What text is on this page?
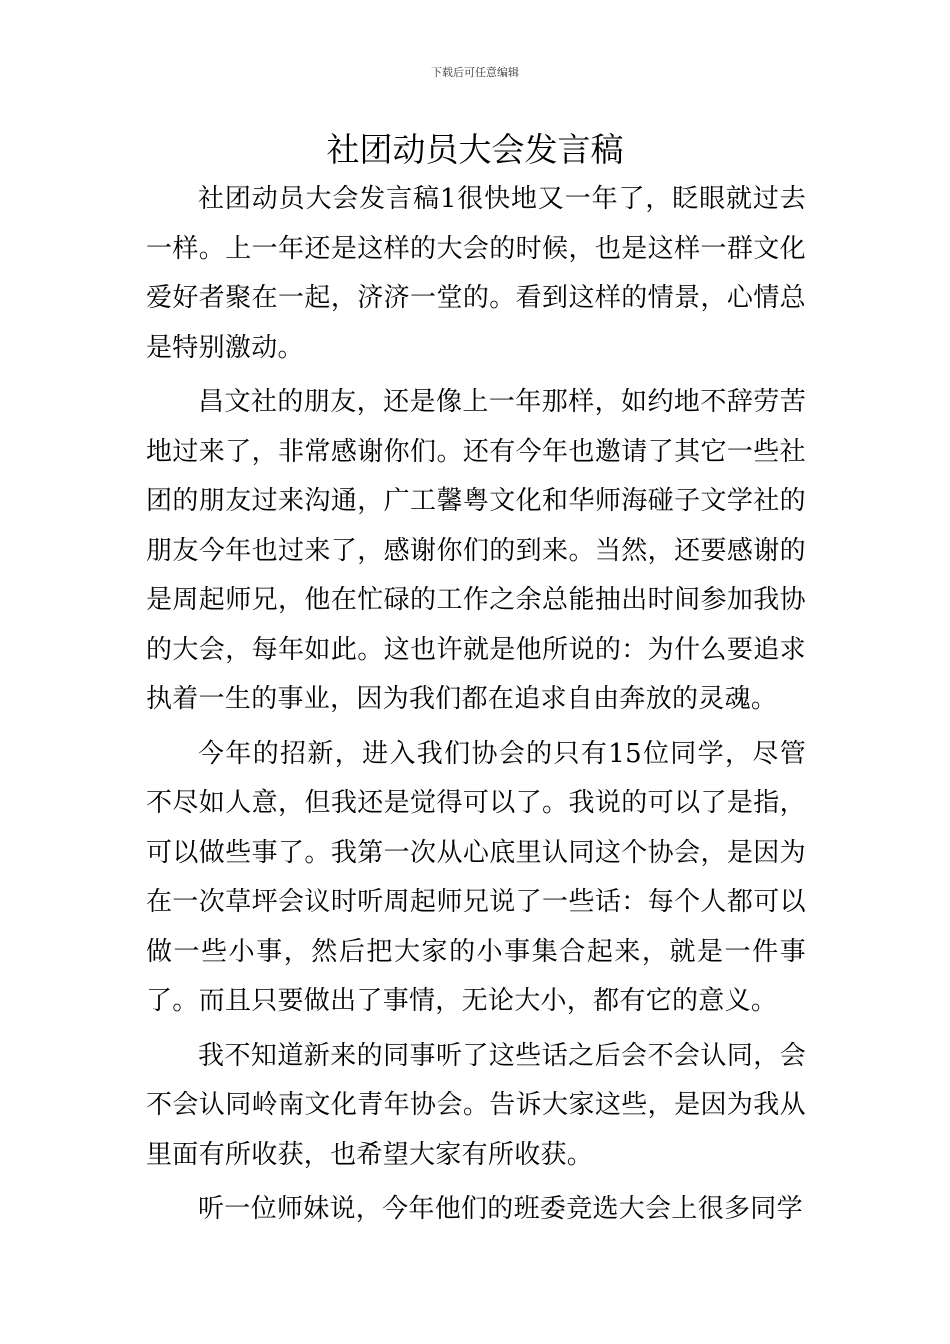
下载后可任意编辑
社团动员大会发言稿

社团动员大会发言稿1很快地又一年了，眨眼就过去一样。上一年还是这样的大会的时候，也是这样一群文化爱好者聚在一起，济济一堂的。看到这样的情景，心情总是特别激动。

昌文社的朋友，还是像上一年那样，如约地不辞劳苦地过来了，非常感谢你们。还有今年也邀请了其它一些社团的朋友过来沟通，广工馨粤文化和华师海碰子文学社的朋友今年也过来了，感谢你们的到来。当然，还要感谢的是周起师兄，他在忙碌的工作之余总能抽出时间参加我协的大会，每年如此。这也许就是他所说的：为什么要追求执着一生的事业，因为我们都在追求自由奔放的灵魂。

今年的招新，进入我们协会的只有15位同学，尽管不尽如人意，但我还是觉得可以了。我说的可以了是指，可以做些事了。我第一次从心底里认同这个协会，是因为在一次草坪会议时听周起师兄说了一些话：每个人都可以做一些小事，然后把大家的小事集合起来，就是一件事了。而且只要做出了事情，无论大小，都有它的意义。

我不知道新来的同事听了这些话之后会不会认同，会不会认同岭南文化青年协会。告诉大家这些，是因为我从里面有所收获，也希望大家有所收获。

听一位师妹说，今年他们的班委竞选大会上很多同学
